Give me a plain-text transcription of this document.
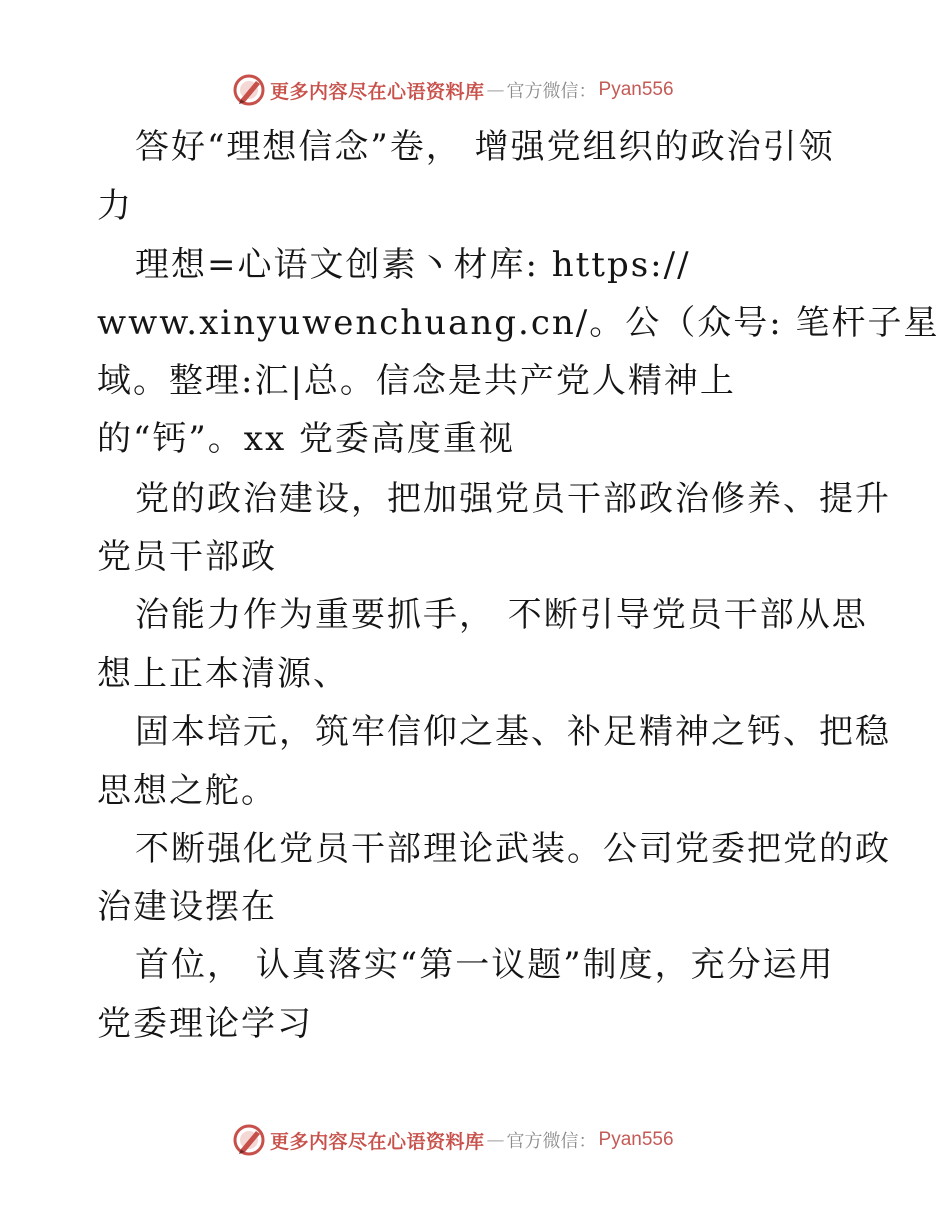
更多内容尽在心语资料库 — 官方微信： Pyan556
答好“理想信念”卷， 增强党组织的政治引领
力
理想=心语文创素丶材库: https://
www.xinyuwenchuang.cn/。公（众号: 笔杆子星
域。整理:汇|总。信念是共产党人精神上
的“钙”。xx 党委高度重视
党的政治建设，把加强党员干部政治修养、提升
党员干部政
治能力作为重要抓手， 不断引导党员干部从思
想上正本清源、
固本培元，筑牢信仰之基、补足精神之钙、把稳
思想之舵。
不断强化党员干部理论武装。公司党委把党的政
治建设摆在
首位， 认真落实“第一议题”制度，充分运用
党委理论学习
更多内容尽在心语资料库 — 官方微信： Pyan556
